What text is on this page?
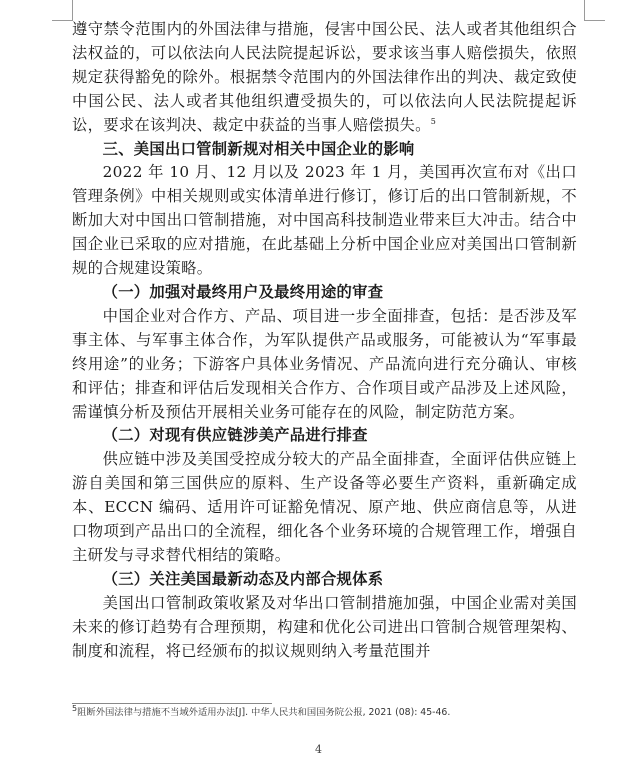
遵守禁令范围内的外国法律与措施，侵害中国公民、法人或者其他组织合法权益的，可以依法向人民法院提起诉讼，要求该当事人赔偿损失，依照规定获得豁免的除外。根据禁令范围内的外国法律作出的判决、裁定致使中国公民、法人或者其他组织遭受损失的，可以依法向人民法院提起诉讼，要求在该判决、裁定中获益的当事人赔偿损失。$^5$

三、美国出口管制新规对相关中国企业的影响

2022 年 10 月、12 月以及 2023 年 1 月，美国再次宣布对《出口管理条例》中相关规则或实体清单进行修订，修订后的出口管制新规，不断加大对中国出口管制措施，对中国高科技制造业带来巨大冲击。结合中国企业已采取的应对措施，在此基础上分析中国企业应对美国出口管制新规的合规建设策略。

（一）加强对最终用户及最终用途的审查

中国企业对合作方、产品、项目进一步全面排查，包括：是否涉及军事主体、与军事主体合作，为军队提供产品或服务，可能被认为“军事最终用途”的业务；下游客户具体业务情况、产品流向进行充分确认、审核和评估；排查和评估后发现相关合作方、合作项目或产品涉及上述风险，需谨慎分析及预估开展相关业务可能存在的风险，制定防范方案。

（二）对现有供应链涉美产品进行排查

供应链中涉及美国受控成分较大的产品全面排查，全面评估供应链上游自美国和第三国供应的原料、生产设备等必要生产资料，重新确定成本、ECCN 编码、适用许可证豁免情况、原产地、供应商信息等，从进口物项到产品出口的全流程，细化各个业务环境的合规管理工作，增强自主研发与寻求替代相结的策略。

（三）关注美国最新动态及内部合规体系

美国出口管制政策收紧及对华出口管制措施加强，中国企业需对美国未来的修订趋势有合理预期，构建和优化公司进出口管制合规管理架构、制度和流程，将已经颁布的拟议规则纳入考量范围并

5阻断外国法律与措施不当域外适用办法[J]. 中华人民共和国国务院公报, 2021 (08): 45-46.
4
